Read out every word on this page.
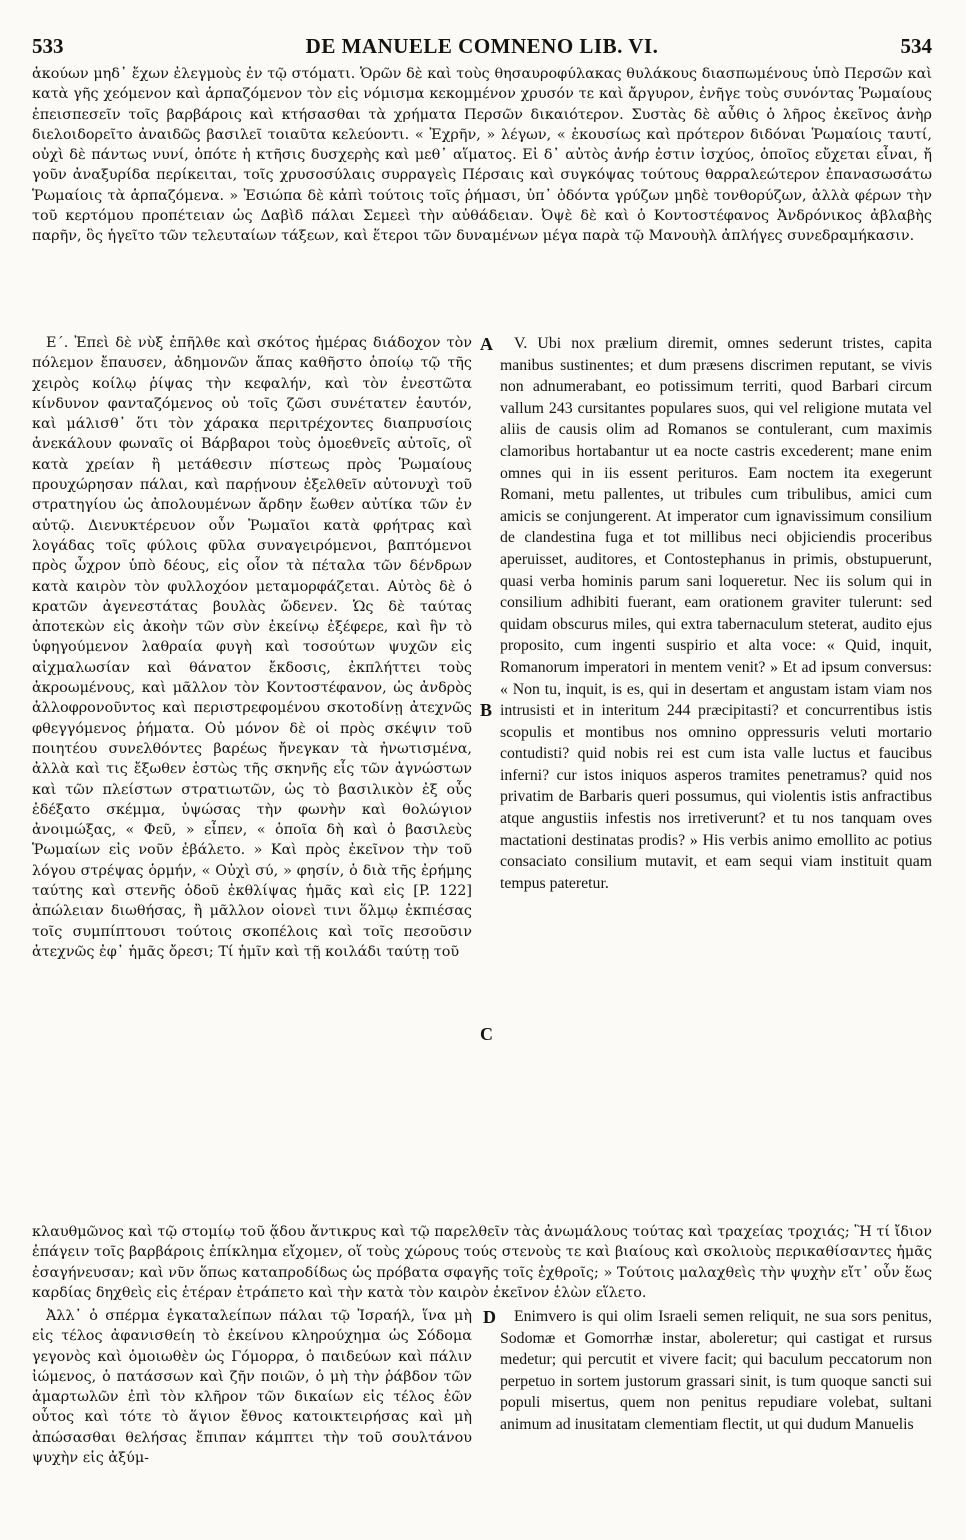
533	DE MANUELE COMNENO LIB. VI.	534

ἀκούων μηδ᾽ ἔχων ἐλεγμοὺς ἐν τῷ στόματι. Ὁρῶν δὲ καὶ τοὺς θησαυροφύλακας θυλάκους διασπωμένους ὑπὸ Περσῶν καὶ κατὰ γῆς χεόμενον καὶ ἁρπαζόμενον τὸν εἰς νόμισμα κεκομμένον χρυσόν τε καὶ ἄργυρον, ἐνῆγε τοὺς συνόντας Ῥωμαίους ἐπεισπεσεῖν τοῖς βαρβάροις καὶ κτήσασθαι τὰ χρήματα Περσῶν δικαιότερον. Συστὰς δὲ αὖθις ὁ λῆρος ἐκεῖνος ἀνὴρ διελοιδορεῖτο ἀναιδῶς βασιλεῖ τοιαῦτα κελεύοντι. « Ἐχρῆν, » λέγων, « ἑκουσίως καὶ πρότερον διδόναι Ῥωμαίοις ταυτί, οὐχὶ δὲ πάντως νυνί, ὁπότε ἡ κτῆσις δυσχερὴς καὶ μεθ᾽ αἵματος. Εἰ δ᾽ αὐτὸς ἀνήρ ἐστιν ἰσχύος, ὁποῖος εὔχεται εἶναι, ἤ γοῦν ἀναξυρίδα περίκειται, τοῖς χρυσοσύλαις συρραγεὶς Πέρσαις καὶ συγκόψας τούτους θαρραλεώτερον ἐπανασωσάτω Ῥωμαίοις τὰ ἁρπαζόμενα. » Ἐσιώπα δὲ κἀπὶ τούτοις τοῖς ῥήμασι, ὑπ᾽ ὀδόντα γρύζων μηδὲ τονθορύζων, ἀλλὰ φέρων τὴν τοῦ κερτόμου προπέτειαν ὡς Δαβὶδ πάλαι Σεμεεὶ τὴν αὐθάδειαν. Ὀψὲ δὲ καὶ ὁ Κοντοστέφανος Ἀνδρόνικος ἀβλαβὴς παρῆν, ὃς ἡγεῖτο τῶν τελευταίων τάξεων, καὶ ἕτεροι τῶν δυναμένων μέγα παρὰ τῷ Μανουὴλ ἀπλήγες συνεδραμήκασιν.

Ε΄. Ἐπεὶ δὲ νὺξ ἐπῆλθε καὶ σκότος ἡμέρας διάδοχον τὸν πόλεμον ἔπαυσεν, ἀδημονῶν ἅπας καθῆστο ὁποίῳ τῷ τῆς χειρὸς κοίλῳ ῥίψας τὴν κεφαλήν, καὶ τὸν ἐνεστῶτα κίνδυνον φανταζόμενος οὐ τοῖς ζῶσι συνέτατεν ἑαυτόν, καὶ μάλισθ᾽ ὅτι τὸν χάρακα περιτρέχοντες διαπρυσίοις ἀνεκάλουν φωναῖς οἱ Βάρβαροι τοὺς ὁμοεθνεῖς αὐτοῖς, οἳ κατὰ χρείαν ἢ μετάθεσιν πίστεως πρὸς Ῥωμαίους προυχώρησαν πάλαι, καὶ παρῄνουν ἐξελθεῖν αὐτονυχὶ τοῦ στρατηγίου ὡς ἀπολουμένων ἄρδην ἔωθεν αὐτίκα τῶν ἐν αὐτῷ. Διενυκτέρευον οὖν Ῥωμαῖοι κατὰ φρήτρας καὶ λογάδας τοῖς φύλοις φῦλα συναγειρόμενοι, βαπτόμενοι πρὸς ὦχρον ὑπὸ δέους, εἰς οἷον τὰ πέταλα τῶν δένδρων κατὰ καιρὸν τὸν φυλλοχόον μεταμορφάζεται. Αὐτὸς δὲ ὁ κρατῶν ἀγενεστάτας βουλὰς ὤδενεν. Ὡς δὲ ταύτας ἀποτεκὼν εἰς ἀκοὴν τῶν σὺν ἐκείνῳ ἐξέφερε, καὶ ἣν τὸ ὑφηγούμενον λαθραία φυγὴ καὶ τοσούτων ψυχῶν εἰς αἰχμαλωσίαν καὶ θάνατον ἔκδοσις, ἐκπλήττει τοὺς ἀκροωμένους, καὶ μᾶλλον τὸν Κοντοστέφανον, ὡς ἀνδρὸς ἀλλοφρονοῦντος καὶ περιστρεφομένου σκοτοδίνῃ ἀτεχνῶς φθεγγόμενος ῥήματα. Οὐ μόνον δὲ οἱ πρὸς σκέψιν τοῦ ποιητέου συνελθόντες βαρέως ἤνεγκαν τὰ ἠνωτισμένα, ἀλλὰ καὶ τις ἔξωθεν ἑστὼς τῆς σκηνῆς εἷς τῶν ἀγνώστων καὶ τῶν πλείστων στρατιωτῶν, ὡς τὸ βασιλικὸν ἐξ οὗς ἐδέξατο σκέμμα, ὑψώσας τὴν φωνὴν καὶ θολώγιον ἀνοιμώξας, « Φεῦ, » εἶπεν, « ὁποῖα δὴ καὶ ὁ βασιλεὺς Ῥωμαίων εἰς νοῦν ἐβάλετο. » Καὶ πρὸς ἐκεῖνον τὴν τοῦ λόγου στρέψας ὁρμήν, « Οὐχὶ σύ, » φησίν, ὁ διὰ τῆς ἐρήμης ταύτης καὶ στενῆς ὁδοῦ ἐκθλίψας ἡμᾶς καὶ εἰς [P. 122] ἀπώλειαν διωθήσας, ἢ μᾶλλον οἱονεὶ τινι ὅλμῳ ἐκπιέσας τοῖς συμπίπτουσι τούτοις σκοπέλοις καὶ τοῖς πεσοῦσιν ἀτεχνῶς ἐφ᾽ ἡμᾶς ὄρεσι; Τί ἡμῖν καὶ τῇ κοιλάδι ταύτῃ τοῦ

A
B
C

V. Ubi nox prælium diremit, omnes sederunt tristes, capita manibus sustinentes; et dum præsens discrimen reputant, se vivis non adnumerabant, eo potissimum territi, quod Barbari circum vallum 243 cursitantes populares suos, qui vel religione mutata vel aliis de causis olim ad Romanos se contulerant, cum maximis clamoribus hortabantur ut ea nocte castris excederent; mane enim omnes qui in iis essent perituros. Eam noctem ita exegerunt Romani, metu pallentes, ut tribules cum tribulibus, amici cum amicis se conjungerent. At imperator cum ignavissimum consilium de clandestina fuga et tot millibus neci objiciendis proceribus aperuisset, auditores, et Contostephanus in primis, obstupuerunt, quasi verba hominis parum sani loqueretur. Nec iis solum qui in consilium adhibiti fuerant, eam orationem graviter tulerunt: sed quidam obscurus miles, qui extra tabernaculum steterat, audito ejus proposito, cum ingenti suspirio et alta voce: « Quid, inquit, Romanorum imperatori in mentem venit? » Et ad ipsum conversus: « Non tu, inquit, is es, qui in desertam et angustam istam viam nos intrusisti et in interitum 244 præcipitasti? et concurrentibus istis scopulis et montibus nos omnino oppressuris veluti mortario contudisti? quid nobis rei est cum ista valle luctus et faucibus inferni? cur istos iniquos asperos tramites penetramus? quid nos privatim de Barbaris queri possumus, qui violentis istis anfractibus atque angustiis infestis nos irretiverunt? et tu nos tanquam oves mactationi destinatas prodis? » His verbis animo emollito ac potius consaciato consilium mutavit, et eam sequi viam instituit quam tempus pateretur.

κλαυθμῶνος καὶ τῷ στομίῳ τοῦ ᾅδου ἄντικρυς καὶ τῷ παρελθεῖν τὰς ἀνωμάλους τούτας καὶ τραχείας τροχιάς; Ἢ τί ἴδιον ἐπάγειν τοῖς βαρβάροις ἐπίκλημα εἴχομεν, οἵ τοὺς χώρους τούς στενοὺς τε καὶ βιαίους καὶ σκολιοὺς περικαθίσαντες ἡμᾶς ἐσαγήνευσαν; καὶ νῦν ὅπως καταπροδίδως ὡς πρόβατα σφαγῆς τοῖς ἐχθροῖς; » Τούτοις μαλαχθεὶς τὴν ψυχὴν εἴτ᾽ οὖν ἕως καρδίας δηχθεὶς εἰς ἑτέραν ἐτράπετο καὶ τὴν κατὰ τὸν καιρὸν ἐκεῖνον ἑλὼν εἵλετο.

Ἀλλ᾽ ὁ σπέρμα ἐγκαταλείπων πάλαι τῷ Ἰσραήλ, ἵνα μὴ εἰς τέλος ἀφανισθείη τὸ ἐκείνου κληρούχημα ὡς Σόδομα γεγονὸς καὶ ὁμοιωθὲν ὡς Γόμορρα, ὁ παιδεύων καὶ πάλιν ἰώμενος, ὁ πατάσσων καὶ ζῆν ποιῶν, ὁ μὴ τὴν ῥάβδον τῶν ἁμαρτωλῶν ἐπὶ τὸν κλῆρον τῶν δικαίων εἰς τέλος ἐῶν οὗτος καὶ τότε τὸ ἅγιον ἔθνος κατοικτειρήσας καὶ μὴ ἀπώσασθαι θελήσας ἔπιπαν κάμπτει τὴν τοῦ σουλτάνου ψυχὴν εἰς ἀξύμ-

D	Enimvero is qui olim Israeli semen reliquit, ne sua sors penitus, Sodomæ et Gomorrhæ instar, aboleretur; qui castigat et rursus medetur; qui percutit et vivere facit; qui baculum peccatorum non perpetuo in sortem justorum grassari sinit, is tum quoque sancti sui populi misertus, quem non penitus repudiare volebat, sultani animum ad inusitatam clementiam flectit, ut qui dudum Manuelis
